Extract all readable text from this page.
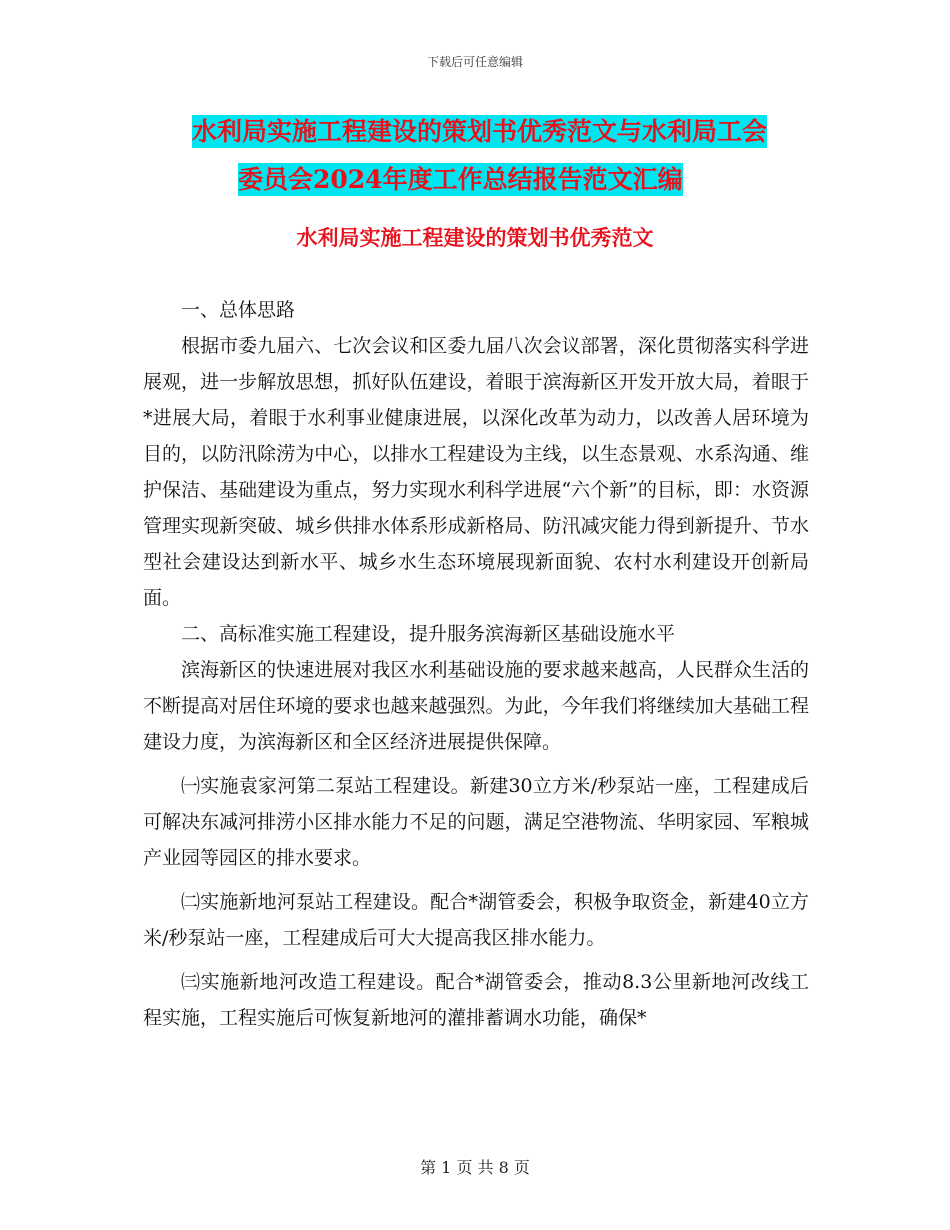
下载后可任意编辑
水利局实施工程建设的策划书优秀范文与水利局工会
委员会2024年度工作总结报告范文汇编
水利局实施工程建设的策划书优秀范文

一、总体思路

根据市委九届六、七次会议和区委九届八次会议部署，深化贯彻落实科学进展观，进一步解放思想，抓好队伍建设，着眼于滨海新区开发开放大局，着眼于*进展大局，着眼于水利事业健康进展，以深化改革为动力，以改善人居环境为目的，以防汛除涝为中心，以排水工程建设为主线，以生态景观、水系沟通、维护保洁、基础建设为重点，努力实现水利科学进展“六个新”的目标，即：水资源管理实现新突破、城乡供排水体系形成新格局、防汛减灾能力得到新提升、节水型社会建设达到新水平、城乡水生态环境展现新面貌、农村水利建设开创新局面。

二、高标准实施工程建设，提升服务滨海新区基础设施水平

滨海新区的快速进展对我区水利基础设施的要求越来越高，人民群众生活的不断提高对居住环境的要求也越来越强烈。为此，今年我们将继续加大基础工程建设力度，为滨海新区和全区经济进展提供保障。

㈠实施袁家河第二泵站工程建设。新建30立方米/秒泵站一座，工程建成后可解决东减河排涝小区排水能力不足的问题，满足空港物流、华明家园、军粮城产业园等园区的排水要求。

㈡实施新地河泵站工程建设。配合*湖管委会，积极争取资金，新建40立方米/秒泵站一座，工程建成后可大大提高我区排水能力。

㈢实施新地河改造工程建设。配合*湖管委会，推动8.3公里新地河改线工程实施，工程实施后可恢复新地河的灌排蓄调水功能，确保*

第 1 页 共 8 页
